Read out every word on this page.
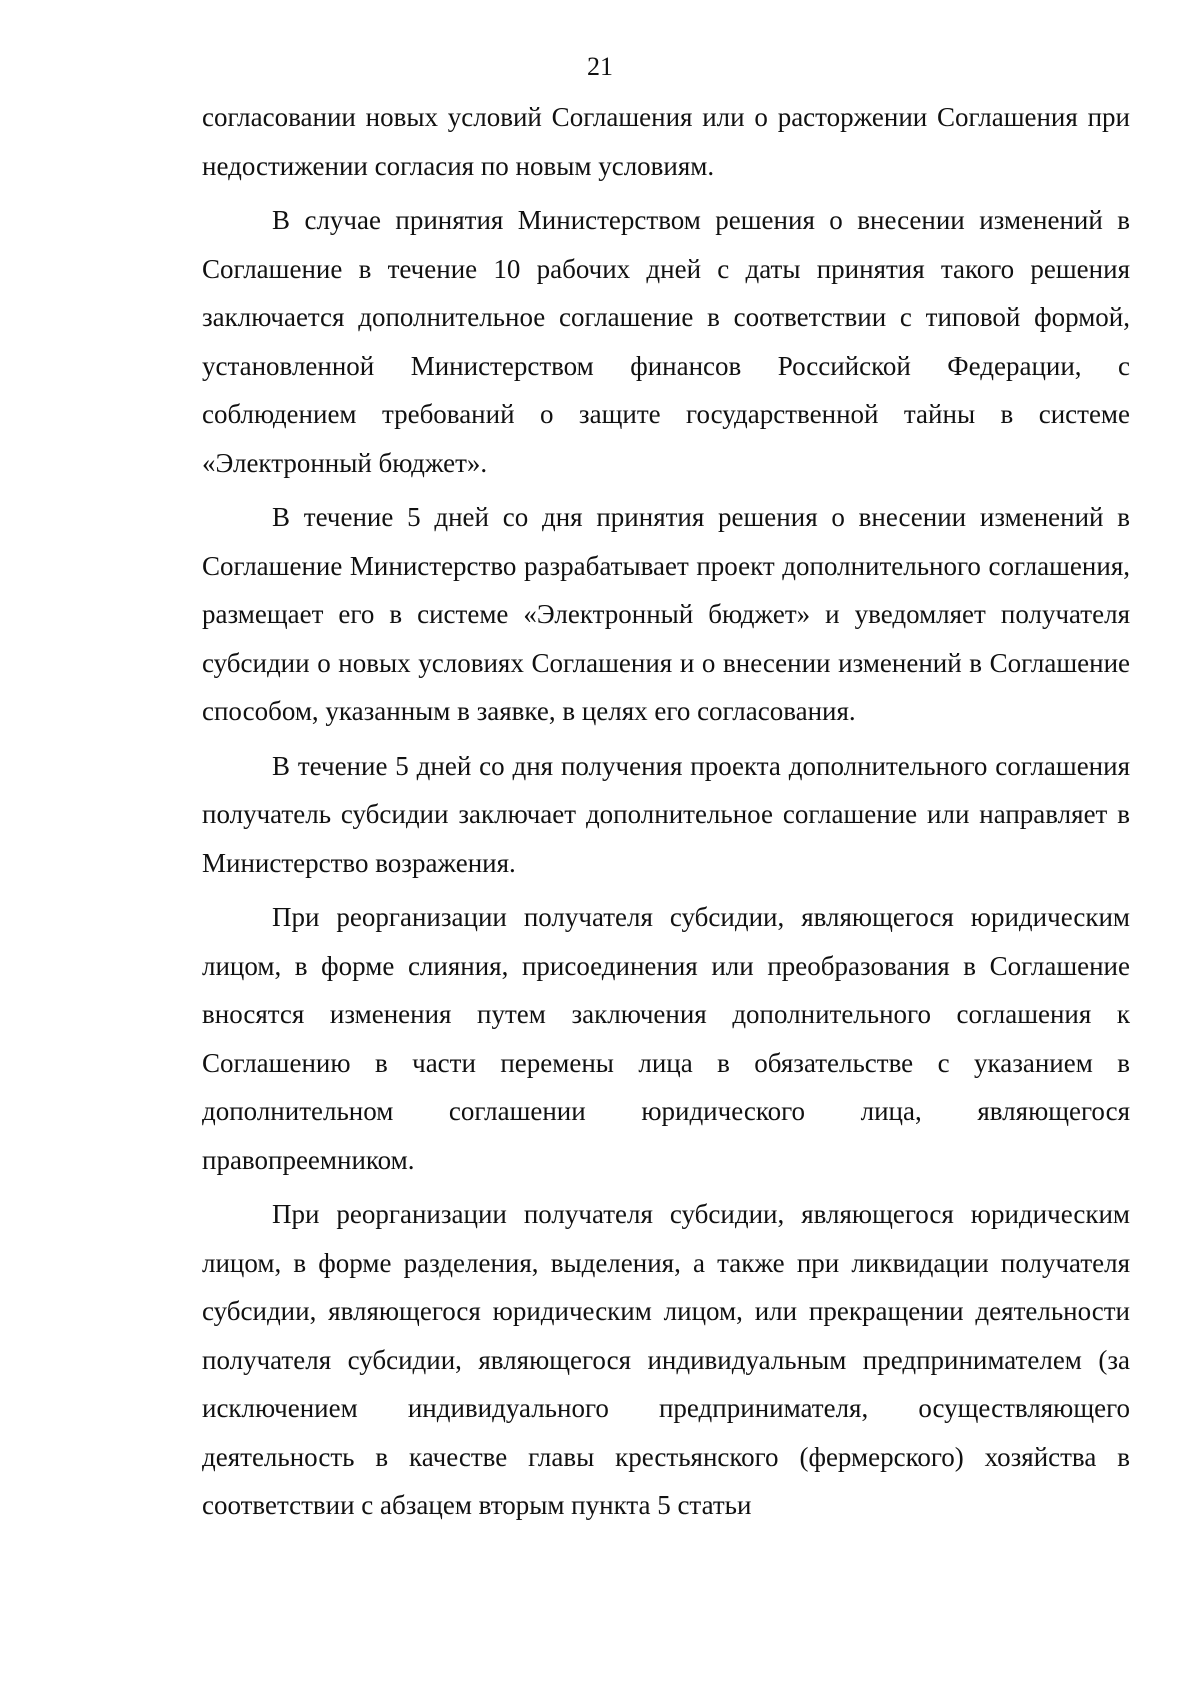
21

согласовании новых условий Соглашения или о расторжении Соглашения при недостижении согласия по новым условиям.

В случае принятия Министерством решения о внесении изменений в Соглашение в течение 10 рабочих дней с даты принятия такого решения заключается дополнительное соглашение в соответствии с типовой формой, установленной Министерством финансов Российской Федерации, с соблюдением требований о защите государственной тайны в системе «Электронный бюджет».

В течение 5 дней со дня принятия решения о внесении изменений в Соглашение Министерство разрабатывает проект дополнительного соглашения, размещает его в системе «Электронный бюджет» и уведомляет получателя субсидии о новых условиях Соглашения и о внесении изменений в Соглашение способом, указанным в заявке, в целях его согласования.

В течение 5 дней со дня получения проекта дополнительного соглашения получатель субсидии заключает дополнительное соглашение или направляет в Министерство возражения.

При реорганизации получателя субсидии, являющегося юридическим лицом, в форме слияния, присоединения или преобразования в Соглашение вносятся изменения путем заключения дополнительного соглашения к Соглашению в части перемены лица в обязательстве с указанием в дополнительном соглашении юридического лица, являющегося правопреемником.

При реорганизации получателя субсидии, являющегося юридическим лицом, в форме разделения, выделения, а также при ликвидации получателя субсидии, являющегося юридическим лицом, или прекращении деятельности получателя субсидии, являющегося индивидуальным предпринимателем (за исключением индивидуального предпринимателя, осуществляющего деятельность в качестве главы крестьянского (фермерского) хозяйства в соответствии с абзацем вторым пункта 5 статьи
